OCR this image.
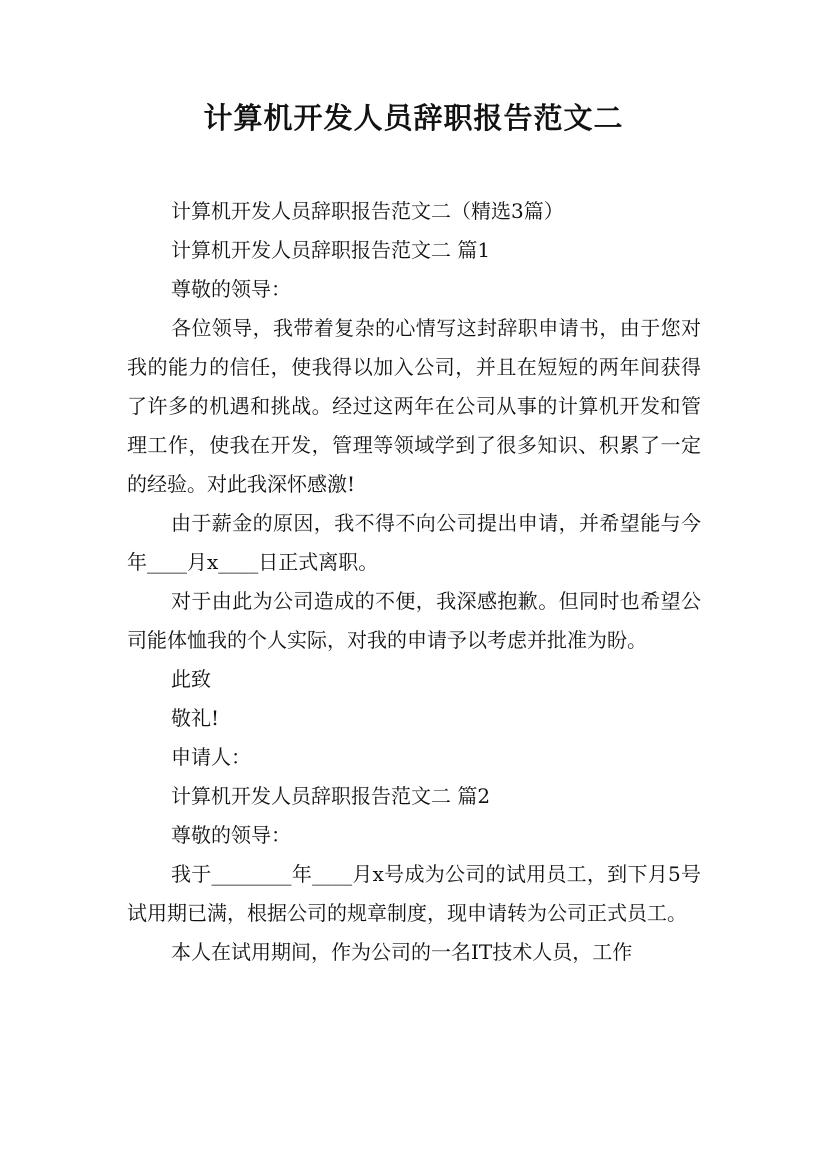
计算机开发人员辞职报告范文二

计算机开发人员辞职报告范文二（精选3篇）

计算机开发人员辞职报告范文二 篇1

尊敬的领导：

各位领导，我带着复杂的心情写这封辞职申请书，由于您对我的能力的信任，使我得以加入公司，并且在短短的两年间获得了许多的机遇和挑战。经过这两年在公司从事的计算机开发和管理工作，使我在开发，管理等领域学到了很多知识、积累了一定的经验。对此我深怀感激!

由于薪金的原因，我不得不向公司提出申请，并希望能与今年____月x____日正式离职。

对于由此为公司造成的不便，我深感抱歉。但同时也希望公司能体恤我的个人实际，对我的申请予以考虑并批准为盼。

此致

敬礼!

申请人：

计算机开发人员辞职报告范文二 篇2

尊敬的领导：

我于________年____月x号成为公司的试用员工，到下月5号试用期已满，根据公司的规章制度，现申请转为公司正式员工。

本人在试用期间，作为公司的一名IT技术人员，工作
